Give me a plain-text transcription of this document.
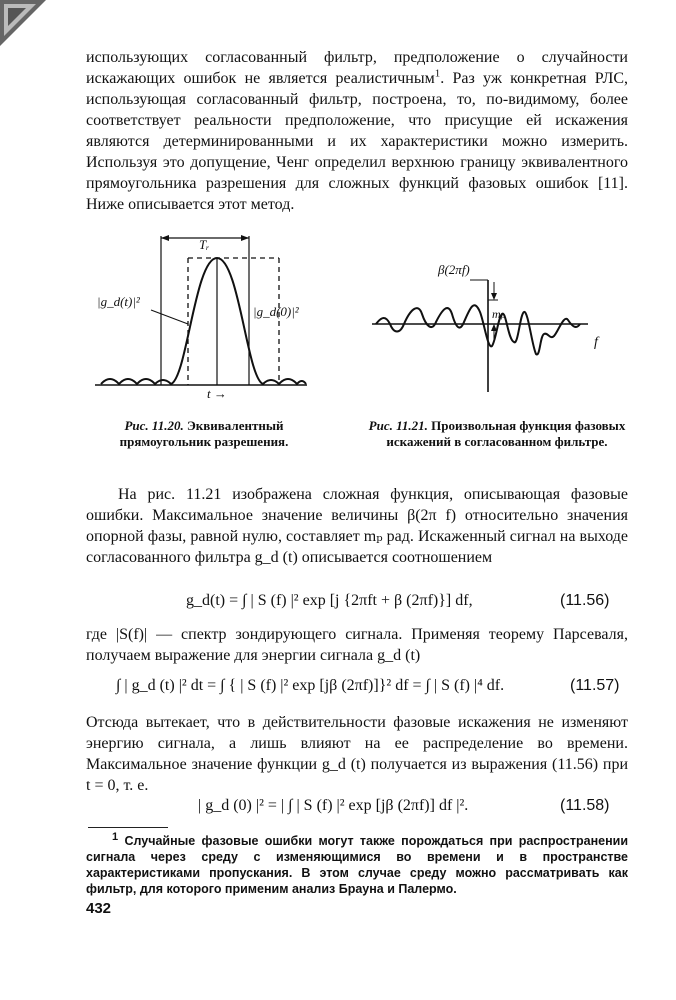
использующих согласованный фильтр, предположение о случайности искажающих ошибок не является реалистичным$^1$. Раз уж конкретная РЛС, использующая согласованный фильтр, построена, то, по-видимому, более соответствует реальности предположение, что присущие ей искажения являются детерминированными и их характеристики можно измерить. Используя это допущение, Ченг определил верхнюю границу эквивалентного прямоугольника разрешения для сложных функций фазовых ошибок [11]. Ниже описывается этот метод.

Tᵣ
|g_d(t)|²
|g_d(0)|²
t →
β(2πf)
mₚ
f
Рис. 11.20. Эквивалентный прямоугольник разрешения.
Рис. 11.21. Произвольная функция фазовых искажений в согласованном фильтре.

На рис. 11.21 изображена сложная функция, описывающая фазовые ошибки. Максимальное значение величины β(2π f) относительно значения опорной фазы, равной нулю, составляет mₚ рад. Искаженный сигнал на выходе согласованного фильтра g_d (t) описывается соотношением

g_d(t) = ∫ | S (f) |² exp [j {2πft + β (2πf)}] df,	(11.56)

где |S(f)| — спектр зондирующего сигнала. Применяя теорему Парсеваля, получаем выражение для энергии сигнала g_d (t)

∫ | g_d (t) |² dt = ∫ { | S (f) |² exp [jβ (2πf)]}² df = ∫ | S (f) |⁴ df.	(11.57)

Отсюда вытекает, что в действительности фазовые искажения не изменяют энергию сигнала, а лишь влияют на ее распределение во времени. Максимальное значение функции g_d (t) получается из выражения (11.56) при t = 0, т. е.

| g_d (0) |² = | ∫ | S (f) |² exp [jβ (2πf)] df |².	(11.58)

1 Случайные фазовые ошибки могут также порождаться при распространении сигнала через среду с изменяющимися во времени и в пространстве характеристиками пропускания. В этом случае среду можно рассматривать как фильтр, для которого применим анализ Брауна и Палермо.

432
